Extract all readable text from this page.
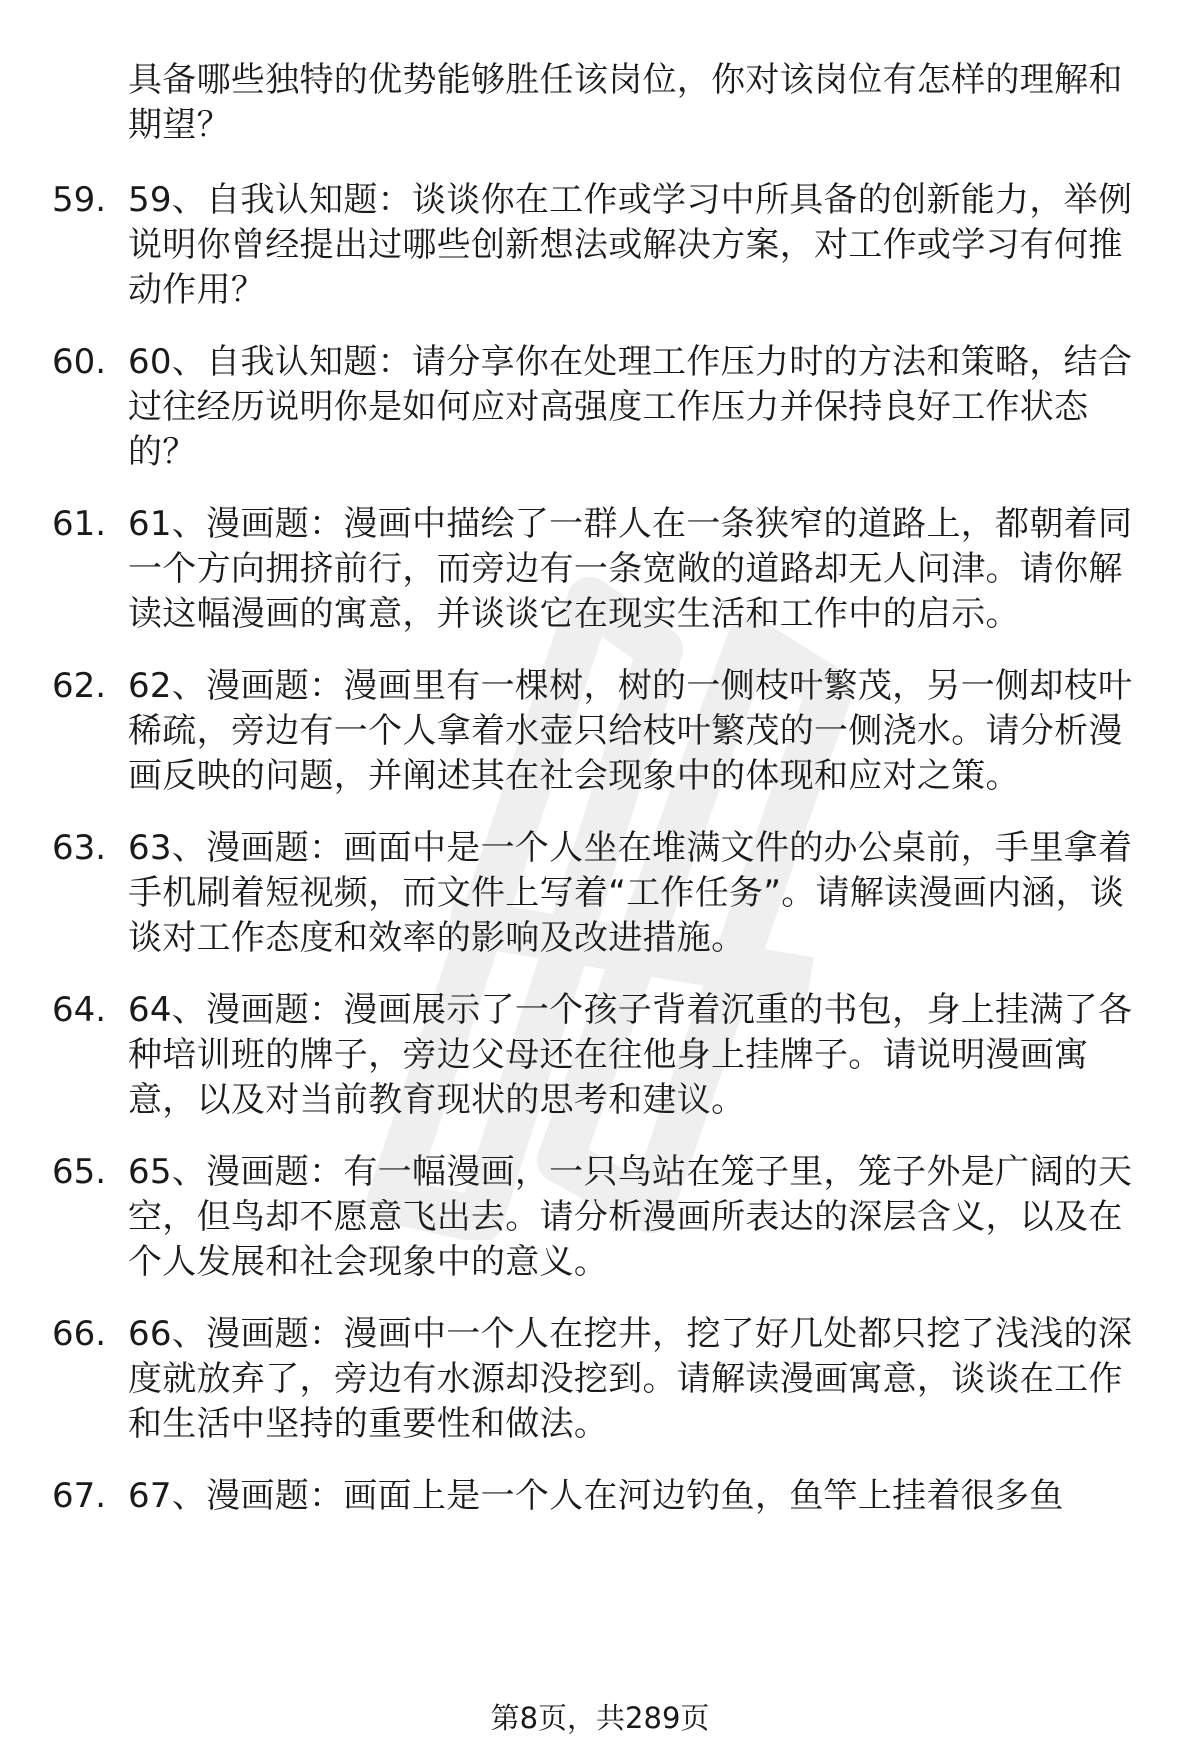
具备哪些独特的优势能够胜任该岗位，你对该岗位有怎样的理解和期望？
59. 59、自我认知题：谈谈你在工作或学习中所具备的创新能力，举例说明你曾经提出过哪些创新想法或解决方案，对工作或学习有何推动作用？
60. 60、自我认知题：请分享你在处理工作压力时的方法和策略，结合过往经历说明你是如何应对高强度工作压力并保持良好工作状态的？
61. 61、漫画题：漫画中描绘了一群人在一条狭窄的道路上，都朝着同一个方向拥挤前行，而旁边有一条宽敞的道路却无人问津。请你解读这幅漫画的寓意，并谈谈它在现实生活和工作中的启示。
62. 62、漫画题：漫画里有一棵树，树的一侧枝叶繁茂，另一侧却枝叶稀疏，旁边有一个人拿着水壶只给枝叶繁茂的一侧浇水。请分析漫画反映的问题，并阐述其在社会现象中的体现和应对之策。
63. 63、漫画题：画面中是一个人坐在堆满文件的办公桌前，手里拿着手机刷着短视频，而文件上写着“工作任务”。请解读漫画内涵，谈谈对工作态度和效率的影响及改进措施。
64. 64、漫画题：漫画展示了一个孩子背着沉重的书包，身上挂满了各种培训班的牌子，旁边父母还在往他身上挂牌子。请说明漫画寓意，以及对当前教育现状的思考和建议。
65. 65、漫画题：有一幅漫画，一只鸟站在笼子里，笼子外是广阔的天空，但鸟却不愿意飞出去。请分析漫画所表达的深层含义，以及在个人发展和社会现象中的意义。
66. 66、漫画题：漫画中一个人在挖井，挖了好几处都只挖了浅浅的深度就放弃了，旁边有水源却没挖到。请解读漫画寓意，谈谈在工作和生活中坚持的重要性和做法。
67. 67、漫画题：画面上是一个人在河边钓鱼，鱼竿上挂着很多鱼
第8页，共289页
